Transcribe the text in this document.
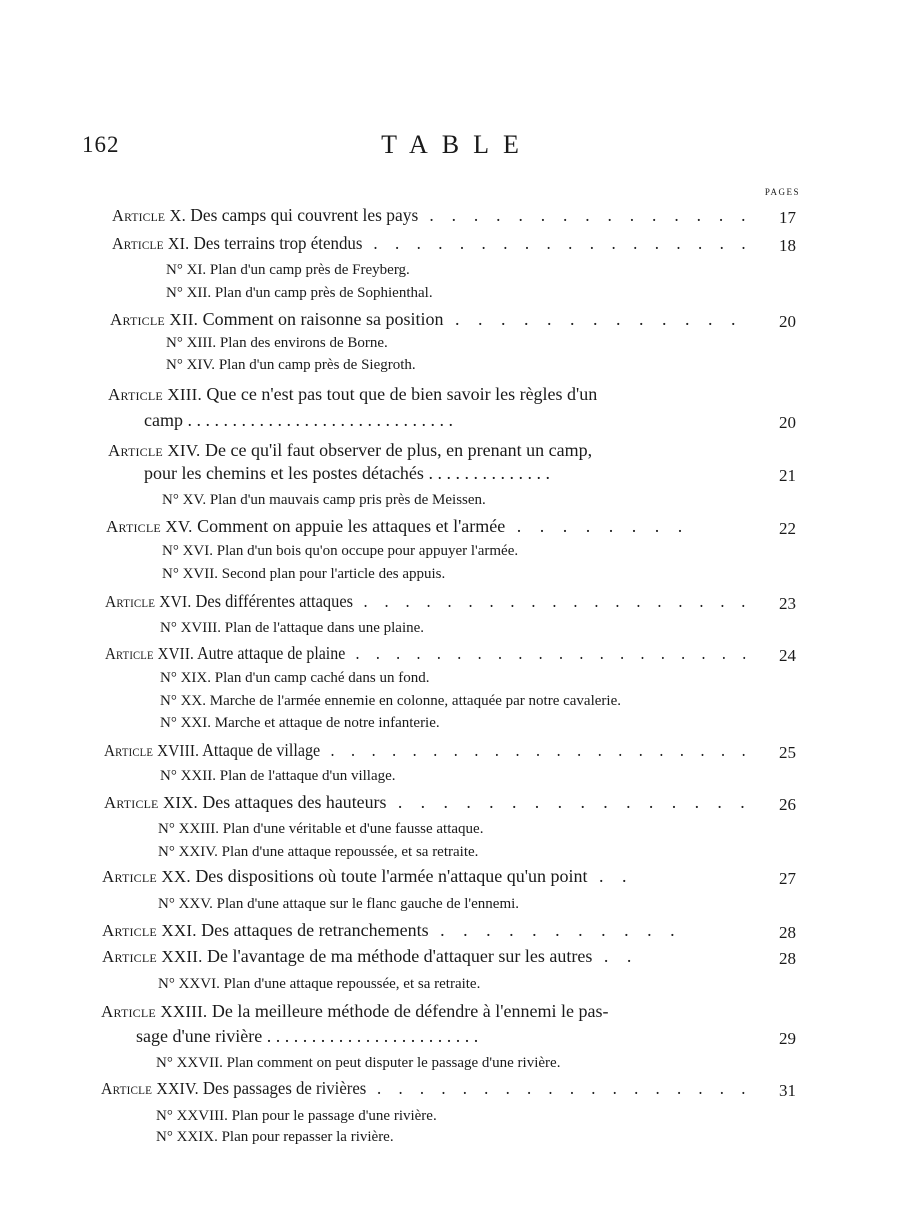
162	TABLE
PAGES
Article X. Des camps qui couvrent les pays . . . . . . . . . . . . . . . 17
Article XI. Des terrains trop étendus . . . . . . . . . . . . . . . . . . 18
N° XI. Plan d'un camp près de Freyberg.
N° XII. Plan d'un camp près de Sophienthal.
Article XII. Comment on raisonne sa position . . . . . . . . . . . . . 20
N° XIII. Plan des environs de Borne.
N° XIV. Plan d'un camp près de Siegroth.
Article XIII. Que ce n'est pas tout que de bien savoir les règles d'un
camp . . . . . . . . . . . . . . . . . . . . . . . . . . . . . .	20
Article XIV. De ce qu'il faut observer de plus, en prenant un camp,
pour les chemins et les postes détachés . . . . . . . . . . . . . .	21
N° XV. Plan d'un mauvais camp pris près de Meissen.
Article XV. Comment on appuie les attaques et l'armée . . . . . . . .	22
N° XVI. Plan d'un bois qu'on occupe pour appuyer l'armée.
N° XVII. Second plan pour l'article des appuis.
Article XVI. Des différentes attaques . . . . . . . . . . . . . . . . . . . 23
N° XVIII. Plan de l'attaque dans une plaine.
Article XVII. Autre attaque de plaine . . . . . . . . . . . . . . . . . . . . 24
N° XIX. Plan d'un camp caché dans un fond.
N° XX. Marche de l'armée ennemie en colonne, attaquée par notre cavalerie.
N° XXI. Marche et attaque de notre infanterie.
Article XVIII. Attaque de village . . . . . . . . . . . . . . . . . . . . . 25
N° XXII. Plan de l'attaque d'un village.
Article XIX. Des attaques des hauteurs . . . . . . . . . . . . . . . . 26
N° XXIII. Plan d'une véritable et d'une fausse attaque.
N° XXIV. Plan d'une attaque repoussée, et sa retraite.
Article XX. Des dispositions où toute l'armée n'attaque qu'un point . .	27
N° XXV. Plan d'une attaque sur le flanc gauche de l'ennemi.
Article XXI. Des attaques de retranchements . . . . . . . . . . .	28
Article XXII. De l'avantage de ma méthode d'attaquer sur les autres . .	28
N° XXVI. Plan d'une attaque repoussée, et sa retraite.
Article XXIII. De la meilleure méthode de défendre à l'ennemi le pas-
sage d'une rivière . . . . . . . . . . . . . . . . . . . . . . . .	29
N° XXVII. Plan comment on peut disputer le passage d'une rivière.
Article XXIV. Des passages de rivières . . . . . . . . . . . . . . . . . . 31
N° XXVIII. Plan pour le passage d'une rivière.
N° XXIX. Plan pour repasser la rivière.
